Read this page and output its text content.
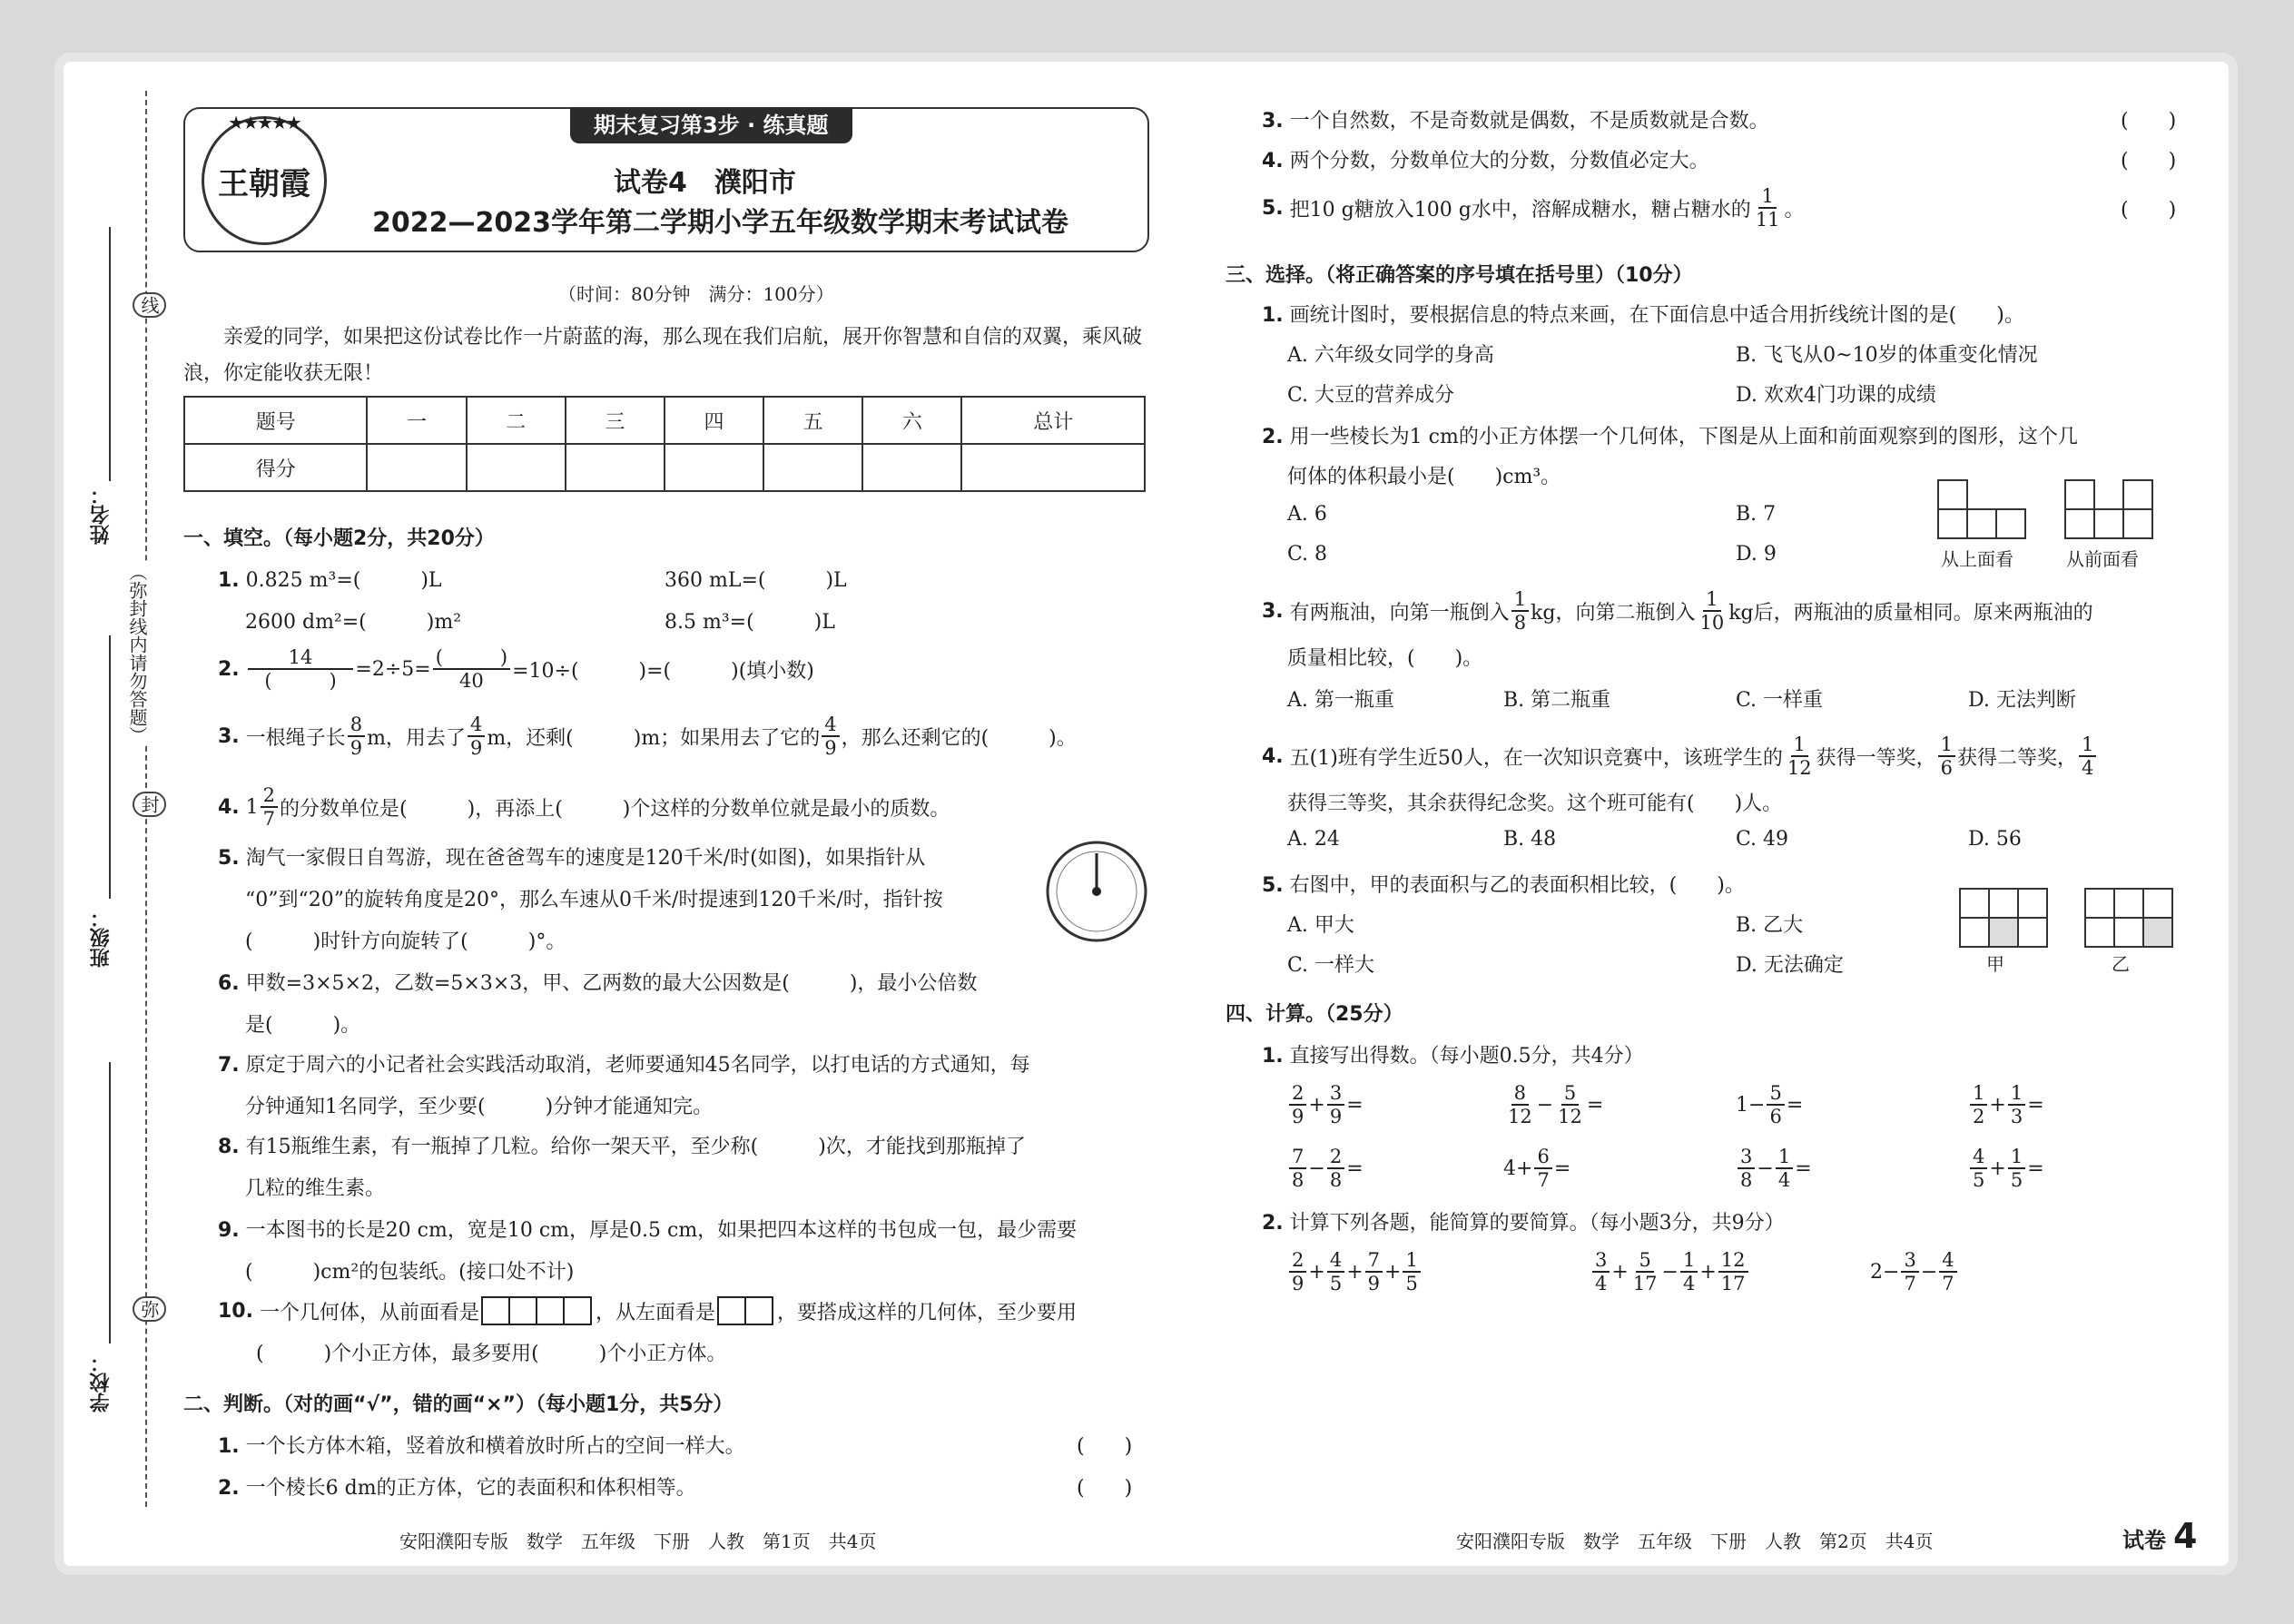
线
（弥封线内请勿答题）
封
弥
姓名：
班级：
学校：
期末复习第3步 · 练真题
★★★★★
王朝霞	试卷4　濮阳市
2022—2023学年第二学期小学五年级数学期末考试试卷
（时间：80分钟　满分：100分）
亲爱的同学，如果把这份试卷比作一片蔚蓝的海，那么现在我们启航，展开你智慧和自信的双翼，乘风破浪，你定能收获无限！
题号	一	二	三	四	五	六	总计
得分							
一、填空。（每小题2分，共20分）
1. 0.825 m³=(　　　)L	360 mL=(　　　)L
2600 dm²=(　　　)m²	8.5 m³=(　　　)L
2.
　　$\frac{14}{( )} =2\div 5= \frac{( )}{40}$　 =10÷(　　　)=(　　　)(填小数)
3.
一根绳子长 $\frac{8}{9}$ m，用去了 $\frac{4}{9}$ m，还剩(　　　)m；如果用去了它的 $\frac{4}{9}$ ，那么还剩它的(　　　)。
4. $1 \frac{2}{7}$ 的分数单位是(　　　)，再添上(　　　)个这样的分数单位就是最小的质数。
5. 淘气一家假日自驾游，现在爸爸驾车的速度是120千米/时(如图)，如果指针从
“0”到“20”的旋转角度是20°，那么车速从0千米/时提速到120千米/时，指针按
(　　　)时针方向旋转了(　　　)°。
6. 甲数=3×5×2，乙数=5×3×3，甲、乙两数的最大公因数是(　　　)，最小公倍数
是(　　　)。
7. 原定于周六的小记者社会实践活动取消，老师要通知45名同学，以打电话的方式通知，每
分钟通知1名同学，至少要(　　　)分钟才能通知完。
8. 有15瓶维生素，有一瓶掉了几粒。给你一架天平，至少称(　　　)次，才能找到那瓶掉了
几粒的维生素。
9. 一本图书的长是20 cm，宽是10 cm，厚是0.5 cm，如果把四本这样的书包成一包，最少需要
(　　　)cm²的包装纸。(接口处不计)
10.
一个几何体，从前面看是	，从左面看是	，要搭成这样的几何体，至少要用
(　　　)个小正方体，最多要用(　　　)个小正方体。
二、判断。（对的画“√”，错的画“×”）（每小题1分，共5分）
1. 一个长方体木箱，竖着放和横着放时所占的空间一样大。	(　　)
2. 一个棱长6 dm的正方体，它的表面积和体积相等。	(　　)
安阳濮阳专版　数学　五年级　下册　人教　第1页　共4页
3. 一个自然数，不是奇数就是偶数，不是质数就是合数。	(　　)
4. 两个分数，分数单位大的分数，分数值必定大。	(　　)
5.
把10 g糖放入100 g水中，溶解成糖水，糖占糖水的 $\frac{1}{11}$ 。	(　　)
三、选择。（将正确答案的序号填在括号里）（10分）
1. 画统计图时，要根据信息的特点来画，在下面信息中适合用折线统计图的是(　　)。
A. 六年级女同学的身高	B. 飞飞从0~10岁的体重变化情况
C. 大豆的营养成分	D. 欢欢4门功课的成绩
2. 用一些棱长为1 cm的小正方体摆一个几何体，下图是从上面和前面观察到的图形，这个几
何体的体积最小是(　　)cm³。
A. 6	B. 7
C. 8	D. 9	从上面看	从前面看
3.
有两瓶油，向第一瓶倒入 $\frac{1}{8}$ kg，向第二瓶倒入 $\frac{1}{10}$ kg后，两瓶油的质量相同。原来两瓶油的
质量相比较，(　　)。
A. 第一瓶重	B. 第二瓶重	C. 一样重	D. 无法判断
4.
五(1)班有学生近50人，在一次知识竞赛中，该班学生的 $\frac{1}{12}$ 获得一等奖， $\frac{1}{6}$ 获得二等奖， $\frac{1}{4}$
获得三等奖，其余获得纪念奖。这个班可能有(　　)人。
A. 24	B. 48	C. 49	D. 56
5. 右图中，甲的表面积与乙的表面积相比较，(　　)。
A. 甲大	B. 乙大
C. 一样大	D. 无法确定	甲	乙
四、计算。（25分）
1. 直接写出得数。（每小题0.5分，共4分）
$\frac{2}{9} + \frac{3}{9}$ =	$\frac{8}{12} - \frac{5}{12}$ =	$1- \frac{5}{6}$ =	$\frac{1}{2} + \frac{1}{3}$ =
$\frac{7}{8} - \frac{2}{8}$ =	$4+ \frac{6}{7}$ =	$\frac{3}{8} - \frac{1}{4}$ =	$\frac{4}{5} + \frac{1}{5}$ =
2. 计算下列各题，能简算的要简算。（每小题3分，共9分）
$\frac{2}{9} + \frac{4}{5} + \frac{7}{9} + \frac{1}{5}$	$\frac{3}{4} + \frac{5}{17} - \frac{1}{4} + \frac{12}{17}$	$2- \frac{3}{7} - \frac{4}{7}$
安阳濮阳专版　数学　五年级　下册　人教　第2页　共4页	试卷 4
